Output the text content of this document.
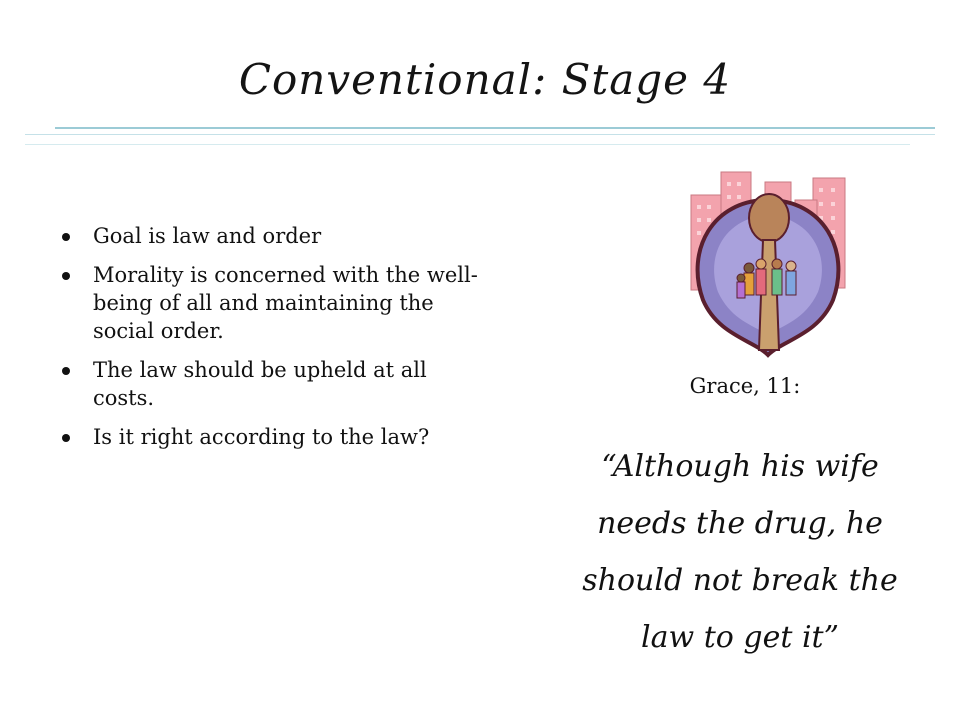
Conventional: Stage 4
Goal is law and order
Morality is concerned with the well-being of all and maintaining the social order.
The law should be upheld at all costs.
Is it right according to the law?
Grace, 11:
“Although his wife needs the drug, he should not break the law to get it”
